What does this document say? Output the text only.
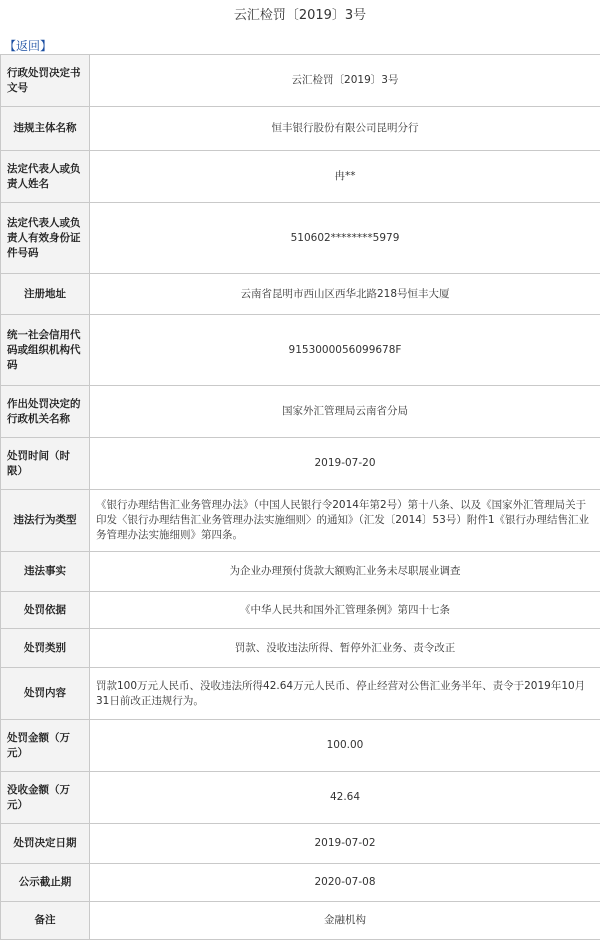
云汇检罚〔2019〕3号
【返回】
行政处罚决定书文号	云汇检罚〔2019〕3号
违规主体名称	恒丰银行股份有限公司昆明分行
法定代表人或负责人姓名	冉**
法定代表人或负责人有效身份证件号码	510602********5979
注册地址	云南省昆明市西山区西华北路218号恒丰大厦
统一社会信用代码或组织机构代码	9153000056099678F
作出处罚决定的行政机关名称	国家外汇管理局云南省分局
处罚时间（时限）	2019-07-20
违法行为类型	《银行办理结售汇业务管理办法》（中国人民银行令2014年第2号）第十八条、以及《国家外汇管理局关于印发〈银行办理结售汇业务管理办法实施细则〉的通知》（汇发〔2014〕53号）附件1《银行办理结售汇业务管理办法实施细则》第四条。
违法事实	为企业办理预付货款大额购汇业务未尽职展业调查
处罚依据	《中华人民共和国外汇管理条例》第四十七条
处罚类别	罚款、没收违法所得、暂停外汇业务、责令改正
处罚内容	罚款100万元人民币、没收违法所得42.64万元人民币、停止经营对公售汇业务半年、责令于2019年10月31日前改正违规行为。
处罚金额（万元）	100.00
没收金额（万元）	42.64
处罚决定日期	2019-07-02
公示截止期	2020-07-08
备注	金融机构
